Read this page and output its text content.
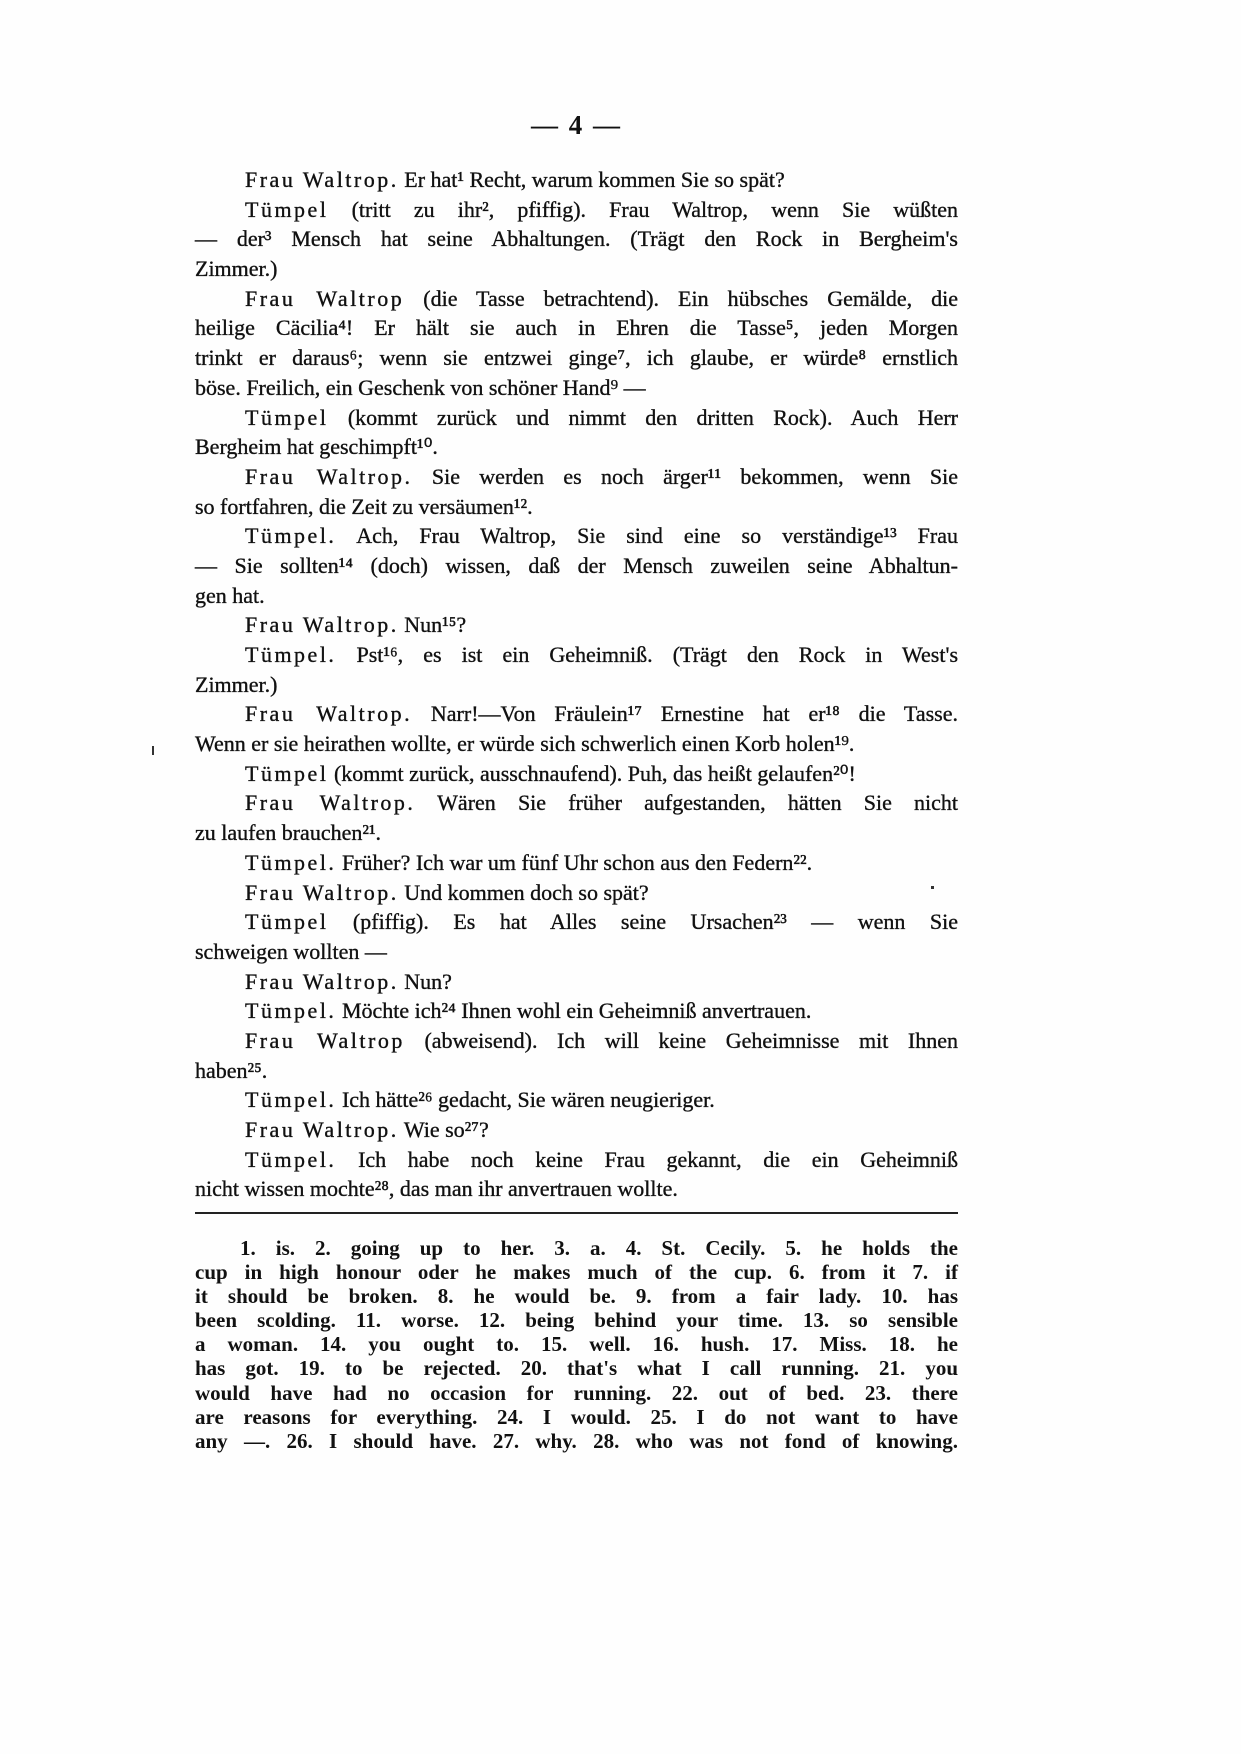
— 4 —
Frau Waltrop. Er hat¹ Recht, warum kommen Sie so spät?
Tümpel (tritt zu ihr², pfiffig). Frau Waltrop, wenn Sie wüßten
— der³ Mensch hat seine Abhaltungen. (Trägt den Rock in Bergheim's
Zimmer.)
Frau Waltrop (die Tasse betrachtend). Ein hübsches Gemälde, die
heilige Cäcilia⁴! Er hält sie auch in Ehren die Tasse⁵, jeden Morgen
trinkt er daraus⁶; wenn sie entzwei ginge⁷, ich glaube, er würde⁸ ernstlich
böse. Freilich, ein Geschenk von schöner Hand⁹ —
Tümpel (kommt zurück und nimmt den dritten Rock). Auch Herr
Bergheim hat geschimpft¹⁰.
Frau Waltrop. Sie werden es noch ärger¹¹ bekommen, wenn Sie
so fortfahren, die Zeit zu versäumen¹².
Tümpel. Ach, Frau Waltrop, Sie sind eine so verständige¹³ Frau
— Sie sollten¹⁴ (doch) wissen, daß der Mensch zuweilen seine Abhaltun-
gen hat.
Frau Waltrop. Nun¹⁵?
Tümpel. Pst¹⁶, es ist ein Geheimniß. (Trägt den Rock in West's
Zimmer.)
Frau Waltrop. Narr!—Von Fräulein¹⁷ Ernestine hat er¹⁸ die Tasse.
Wenn er sie heirathen wollte, er würde sich schwerlich einen Korb holen¹⁹.
Tümpel (kommt zurück, ausschnaufend). Puh, das heißt gelaufen²⁰!
Frau Waltrop. Wären Sie früher aufgestanden, hätten Sie nicht
zu laufen brauchen²¹.
Tümpel. Früher? Ich war um fünf Uhr schon aus den Federn²².
Frau Waltrop. Und kommen doch so spät?
Tümpel (pfiffig). Es hat Alles seine Ursachen²³ — wenn Sie
schweigen wollten —
Frau Waltrop. Nun?
Tümpel. Möchte ich²⁴ Ihnen wohl ein Geheimniß anvertrauen.
Frau Waltrop (abweisend). Ich will keine Geheimnisse mit Ihnen
haben²⁵.
Tümpel. Ich hätte²⁶ gedacht, Sie wären neugieriger.
Frau Waltrop. Wie so²⁷?
Tümpel. Ich habe noch keine Frau gekannt, die ein Geheimniß
nicht wissen mochte²⁸, das man ihr anvertrauen wollte.
1. is. 2. going up to her. 3. a. 4. St. Cecily. 5. he holds the
cup in high honour oder he makes much of the cup. 6. from it 7. if
it should be broken. 8. he would be. 9. from a fair lady. 10. has
been scolding. 11. worse. 12. being behind your time. 13. so sensible
a woman. 14. you ought to. 15. well. 16. hush. 17. Miss. 18. he
has got. 19. to be rejected. 20. that's what I call running. 21. you
would have had no occasion for running. 22. out of bed. 23. there
are reasons for everything. 24. I would. 25. I do not want to have
any —. 26. I should have. 27. why. 28. who was not fond of knowing.
